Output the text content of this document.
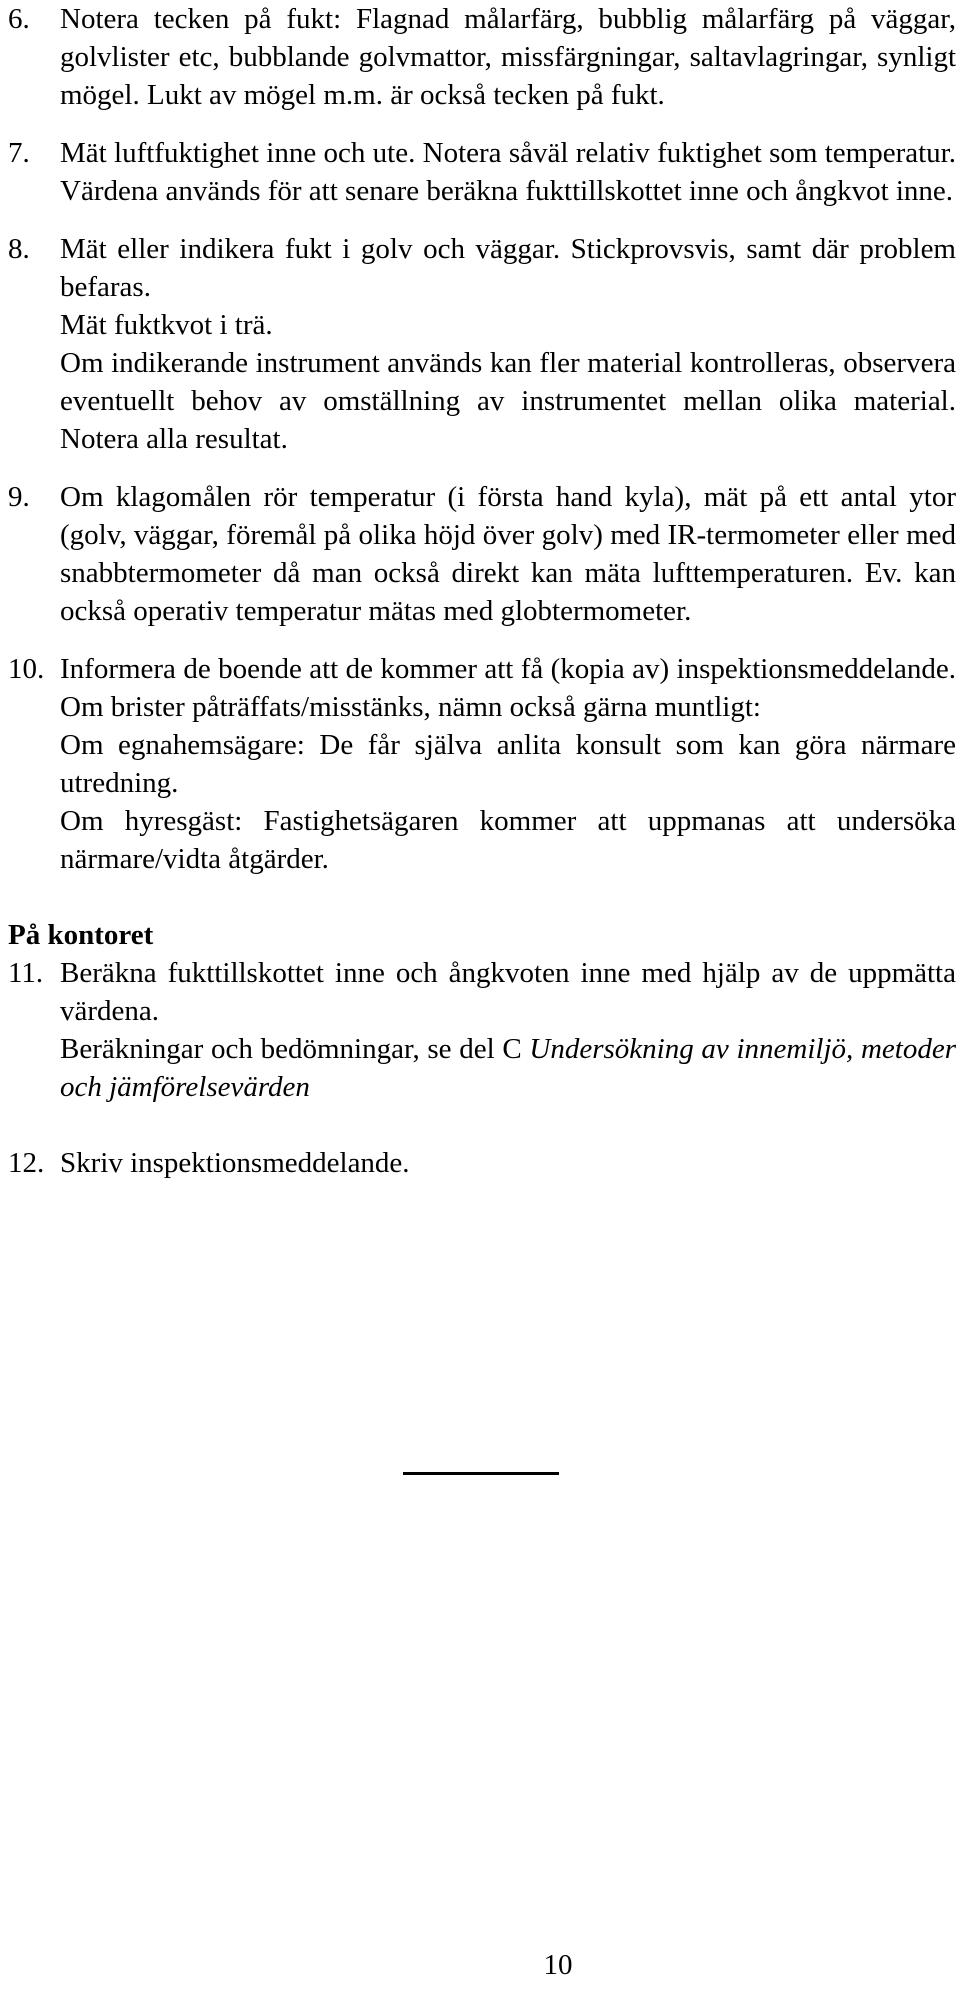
6.	Notera tecken på fukt: Flagnad målarfärg, bubblig målarfärg på väggar, golvlister etc, bubblande golvmattor, missfärgningar, saltavlagringar, synligt mögel. Lukt av mögel m.m. är också tecken på fukt.

7.	Mät luftfuktighet inne och ute. Notera såväl relativ fuktighet som temperatur. Värdena används för att senare beräkna fukttillskottet inne och ångkvot inne.

8.	Mät eller indikera fukt i golv och väggar. Stickprovsvis, samt där problem befaras.

Mät fuktkvot i trä.

Om indikerande instrument används kan fler material kontrolleras, observera eventuellt behov av omställning av instrumentet mellan olika material. Notera alla resultat.

9.	Om klagomålen rör temperatur (i första hand kyla), mät på ett antal ytor (golv, väggar, föremål på olika höjd över golv) med IR-termometer eller med snabbtermometer då man också direkt kan mäta lufttemperaturen. Ev. kan också operativ temperatur mätas med globtermometer.

10. Informera de boende att de kommer att få (kopia av) inspektionsmeddelande. Om brister påträffats/misstänks, nämn också gärna muntligt:

Om egnahemsägare: De får själva anlita konsult som kan göra närmare utredning.

Om hyresgäst: Fastighetsägaren kommer att uppmanas att undersöka närmare/vidta åtgärder.

På kontoret
11. Beräkna fukttillskottet inne och ångkvoten inne med hjälp av de uppmätta värdena.

Beräkningar och bedömningar, se del C Undersökning av innemiljö, metoder och jämförelsevärden

12. Skriv inspektionsmeddelande.

10
